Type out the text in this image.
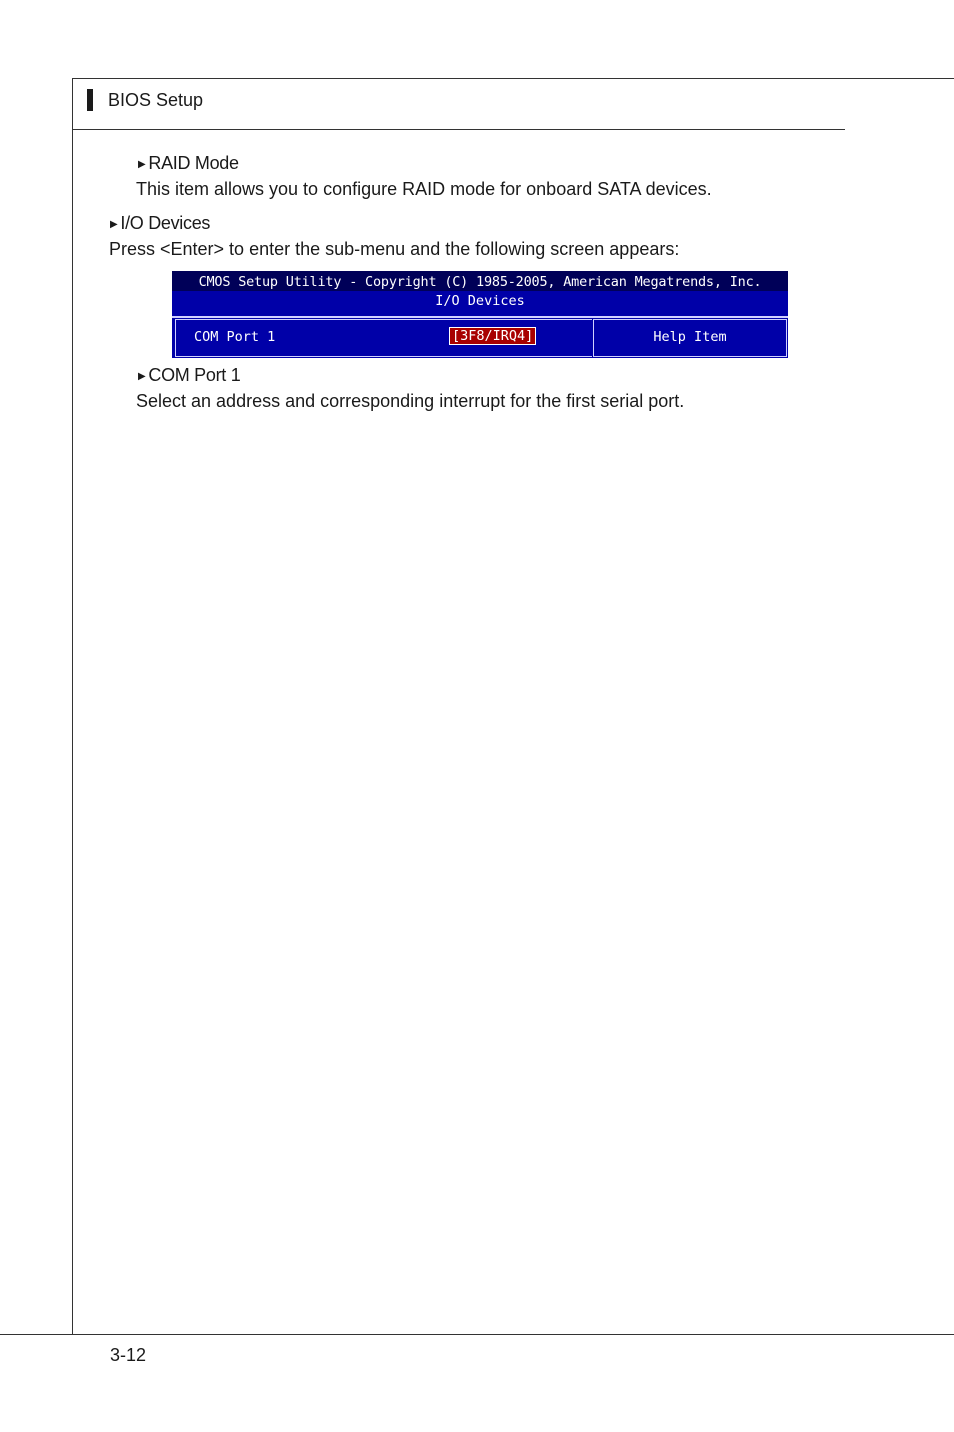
BIOS Setup
▶ RAID Mode
This item allows you to configure RAID mode for onboard SATA devices.
▶ I/O Devices
Press <Enter> to enter the sub-menu and the following screen appears:
CMOS Setup Utility - Copyright (C) 1985-2005, American Megatrends, Inc.
I/O Devices
COM Port 1	[3F8/IRQ4]	Help Item
▶ COM Port 1
Select an address and corresponding interrupt for the first serial port.
3-12
